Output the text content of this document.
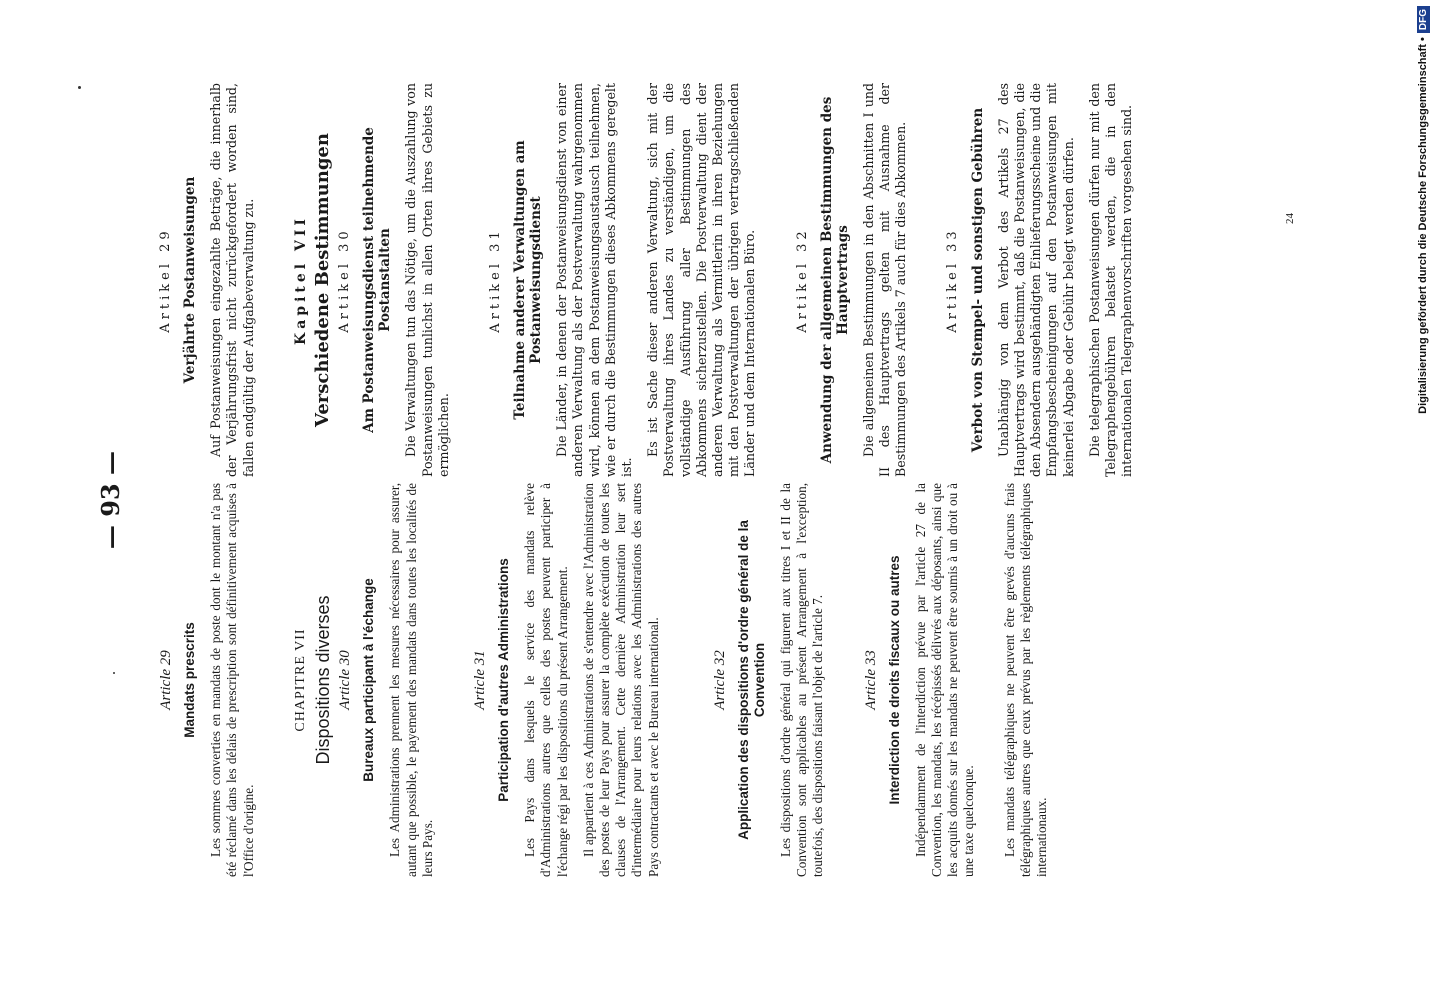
— 93 —
Article 29 Mandats prescrits Les sommes converties en mandats de poste dont le montant n'a pas été réclamé dans les délais de prescription sont définitivement acquises à l'Office d'origine.

CHAPITRE VII Dispositions diverses Article 30 Bureaux participant à l'échange Les Administrations prennent les mesures nécessaires pour assurer, autant que possible, le payement des mandats dans toutes les localités de leurs Pays.

Article 31 Participation d'autres Administrations Les Pays dans lesquels le service des mandats relève d'Administrations autres que celles des postes peuvent participer à l'échange régi par les dispositions du présent Arrangement. Il appartient à ces Administrations de s'entendre avec l'Administration des postes de leur Pays pour assurer la complète exécution de toutes les clauses de l'Arrangement. Cette dernière Administration leur sert d'intermédiaire pour leurs relations avec les Administrations des autres Pays contractants et avec le Bureau international.	Article 32 Application des dispositions d'ordre général de la Convention Les dispositions d'ordre général qui figurent aux titres I et II de la Convention sont applicables au présent Arrangement à l'exception, toutefois, des dispositions faisant l'objet de l'article 7. Article 33 Interdiction de droits fiscaux ou autres Indépendamment de l'interdiction prévue par l'article 27 de la Convention, les mandats, les récépissés délivrés aux déposants, ainsi que les acquits donnés sur les mandats ne peuvent être soumis à un droit ou à une taxe quelconque. Les mandats télégraphiques ne peuvent être grevés d'aucuns frais télégraphiques autres que ceux prévus par les règlements télégraphiques internationaux.

Artikel 29 Verjährte Postanweisungen Auf Postanweisungen eingezahlte Beträge, die innerhalb der Verjährungsfrist nicht zurückgefordert worden sind, fallen endgültig der Aufgabeverwaltung zu.	Kapitel VII Verschiedene Bestimmungen Artikel 30 Am Postanweisungsdienst teilnehmende Postanstalten Die Verwaltungen tun das Nötige, um die Auszahlung von Postanweisungen tunlichst in allen Orten ihres Gebiets zu ermöglichen.

Artikel 31 Teilnahme anderer Verwaltungen am Postanweisungsdienst Die Länder, in denen der Postanweisungsdienst von einer anderen Verwaltung als der Postverwaltung wahrgenommen wird, können an dem Postanweisungsaustausch teilnehmen, wie er durch die Bestimmungen dieses Abkommens geregelt ist.

Es ist Sache dieser anderen Verwaltung, sich mit der Postverwaltung ihres Landes zu verständigen, um die vollständige Ausführung aller Bestimmungen des Abkommens sicherzustellen. Die Postverwaltung dient der anderen Verwaltung als Vermittlerin in ihren Beziehungen mit den Postverwaltungen der übrigen vertragschließenden Länder und dem Internationalen Büro.	Artikel 32 Anwendung der allgemeinen Bestimmungen des Hauptvertrags Die allgemeinen Bestimmungen in den Abschnitten I und II des Hauptvertrags gelten mit Ausnahme der Bestimmungen des Artikels 7 auch für dies Abkommen.	Artikel 33 Verbot von Stempel- und sonstigen Gebühren Unabhängig von dem Verbot des Artikels 27 des Hauptvertrags wird bestimmt, daß die Postanweisungen, die den Absendern ausgehändigten Einlieferungsscheine und die Empfangsbescheinigungen auf den Postanweisungen mit keinerlei Abgabe oder Gebühr belegt werden dürfen. Die telegraphischen Postanweisungen dürfen nur mit den Telegraphengebühren belastet werden, die in den internationalen Telegraphenvorschriften vorgesehen sind.	24	Digitalisierung gefördert durch die Deutsche Forschungsgemeinschaft •
DFG
